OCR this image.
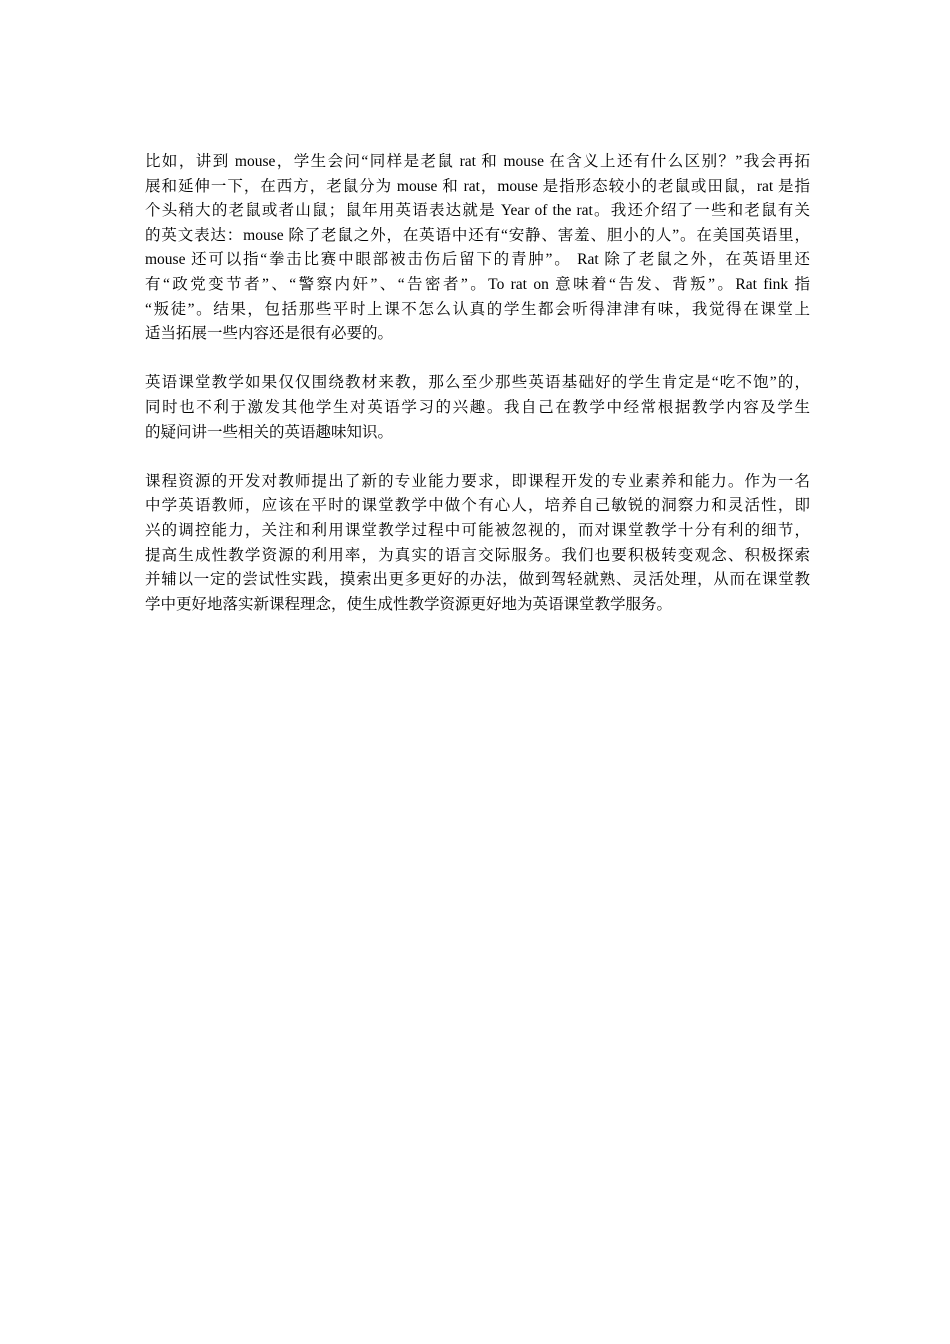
比如，讲到 mouse，学生会问“同样是老鼠 rat 和 mouse 在含义上还有什么区别？”我会再拓
展和延伸一下，在西方，老鼠分为 mouse 和 rat，mouse 是指形态较小的老鼠或田鼠，rat 是指
个头稍大的老鼠或者山鼠；鼠年用英语表达就是 Year of the rat。我还介绍了一些和老鼠有关
的英文表达：mouse 除了老鼠之外，在英语中还有“安静、害羞、胆小的人”。在美国英语里，
mouse 还可以指“拳击比赛中眼部被击伤后留下的青肿”。 Rat 除了老鼠之外，在英语里还
有“政党变节者”、“警察内奸”、“告密者”。To rat on 意味着“告发、背叛”。Rat fink 指
“叛徒”。结果，包括那些平时上课不怎么认真的学生都会听得津津有味，我觉得在课堂上
适当拓展一些内容还是很有必要的。

英语课堂教学如果仅仅围绕教材来教，那么至少那些英语基础好的学生肯定是“吃不饱”的，
同时也不利于激发其他学生对英语学习的兴趣。我自己在教学中经常根据教学内容及学生
的疑问讲一些相关的英语趣味知识。

课程资源的开发对教师提出了新的专业能力要求，即课程开发的专业素养和能力。作为一名
中学英语教师，应该在平时的课堂教学中做个有心人，培养自己敏锐的洞察力和灵活性，即
兴的调控能力，关注和利用课堂教学过程中可能被忽视的，而对课堂教学十分有利的细节，
提高生成性教学资源的利用率，为真实的语言交际服务。我们也要积极转变观念、积极探索
并辅以一定的尝试性实践，摸索出更多更好的办法，做到驾轻就熟、灵活处理，从而在课堂教
学中更好地落实新课程理念，使生成性教学资源更好地为英语课堂教学服务。
